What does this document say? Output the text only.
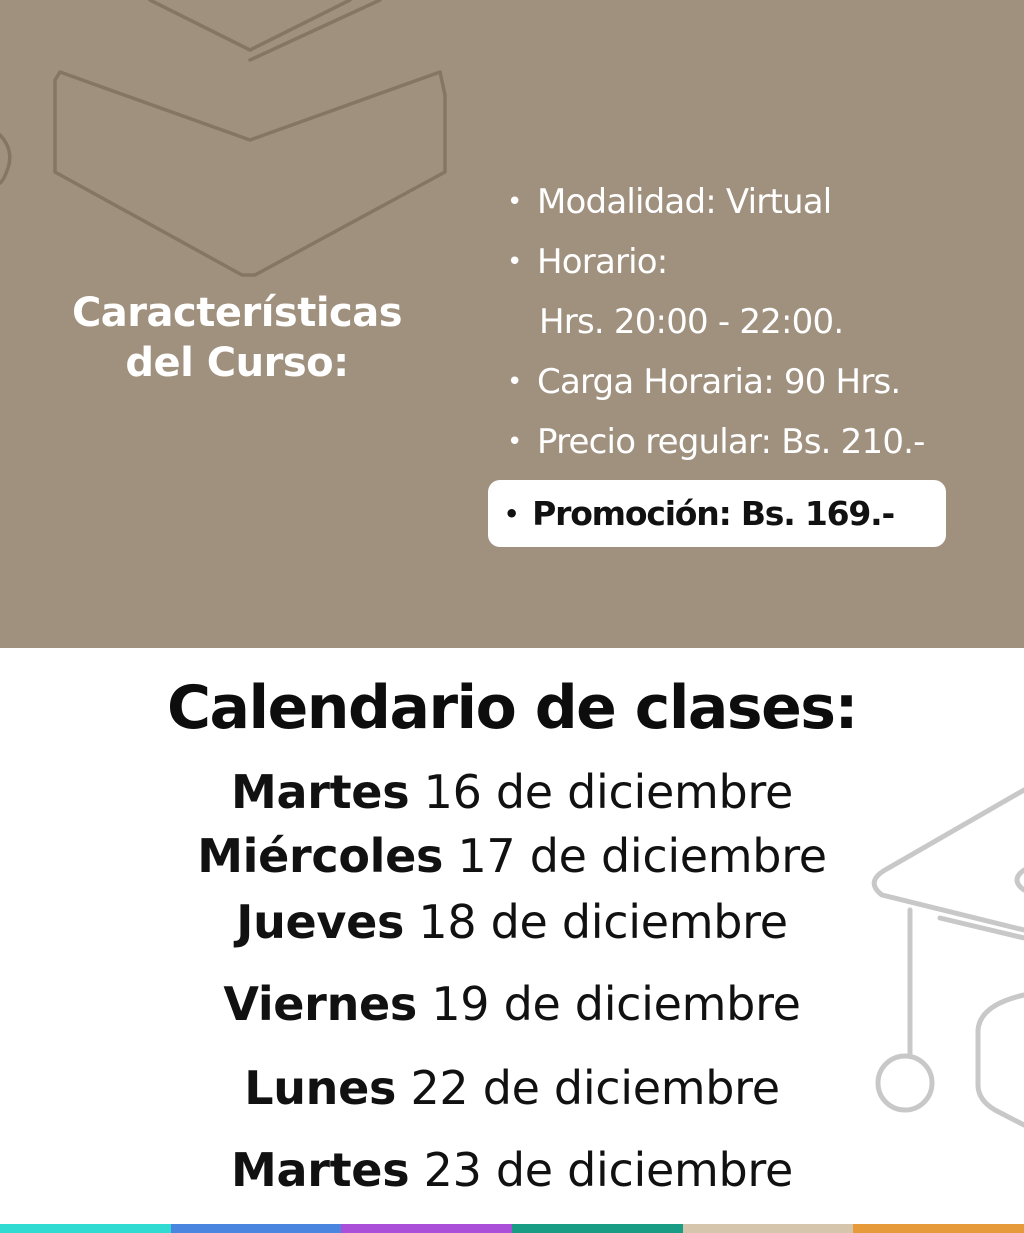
Características
del Curso:
• Modalidad: Virtual
• Horario:
Hrs. 20:00 - 22:00.
• Carga Horaria: 90 Hrs.
• Precio regular: Bs. 210.-
• Promoción: Bs. 169.-
Calendario de clases:
Martes 16 de diciembre
Miércoles 17 de diciembre
Jueves 18 de diciembre
Viernes 19 de diciembre
Lunes 22 de diciembre
Martes 23 de diciembre
